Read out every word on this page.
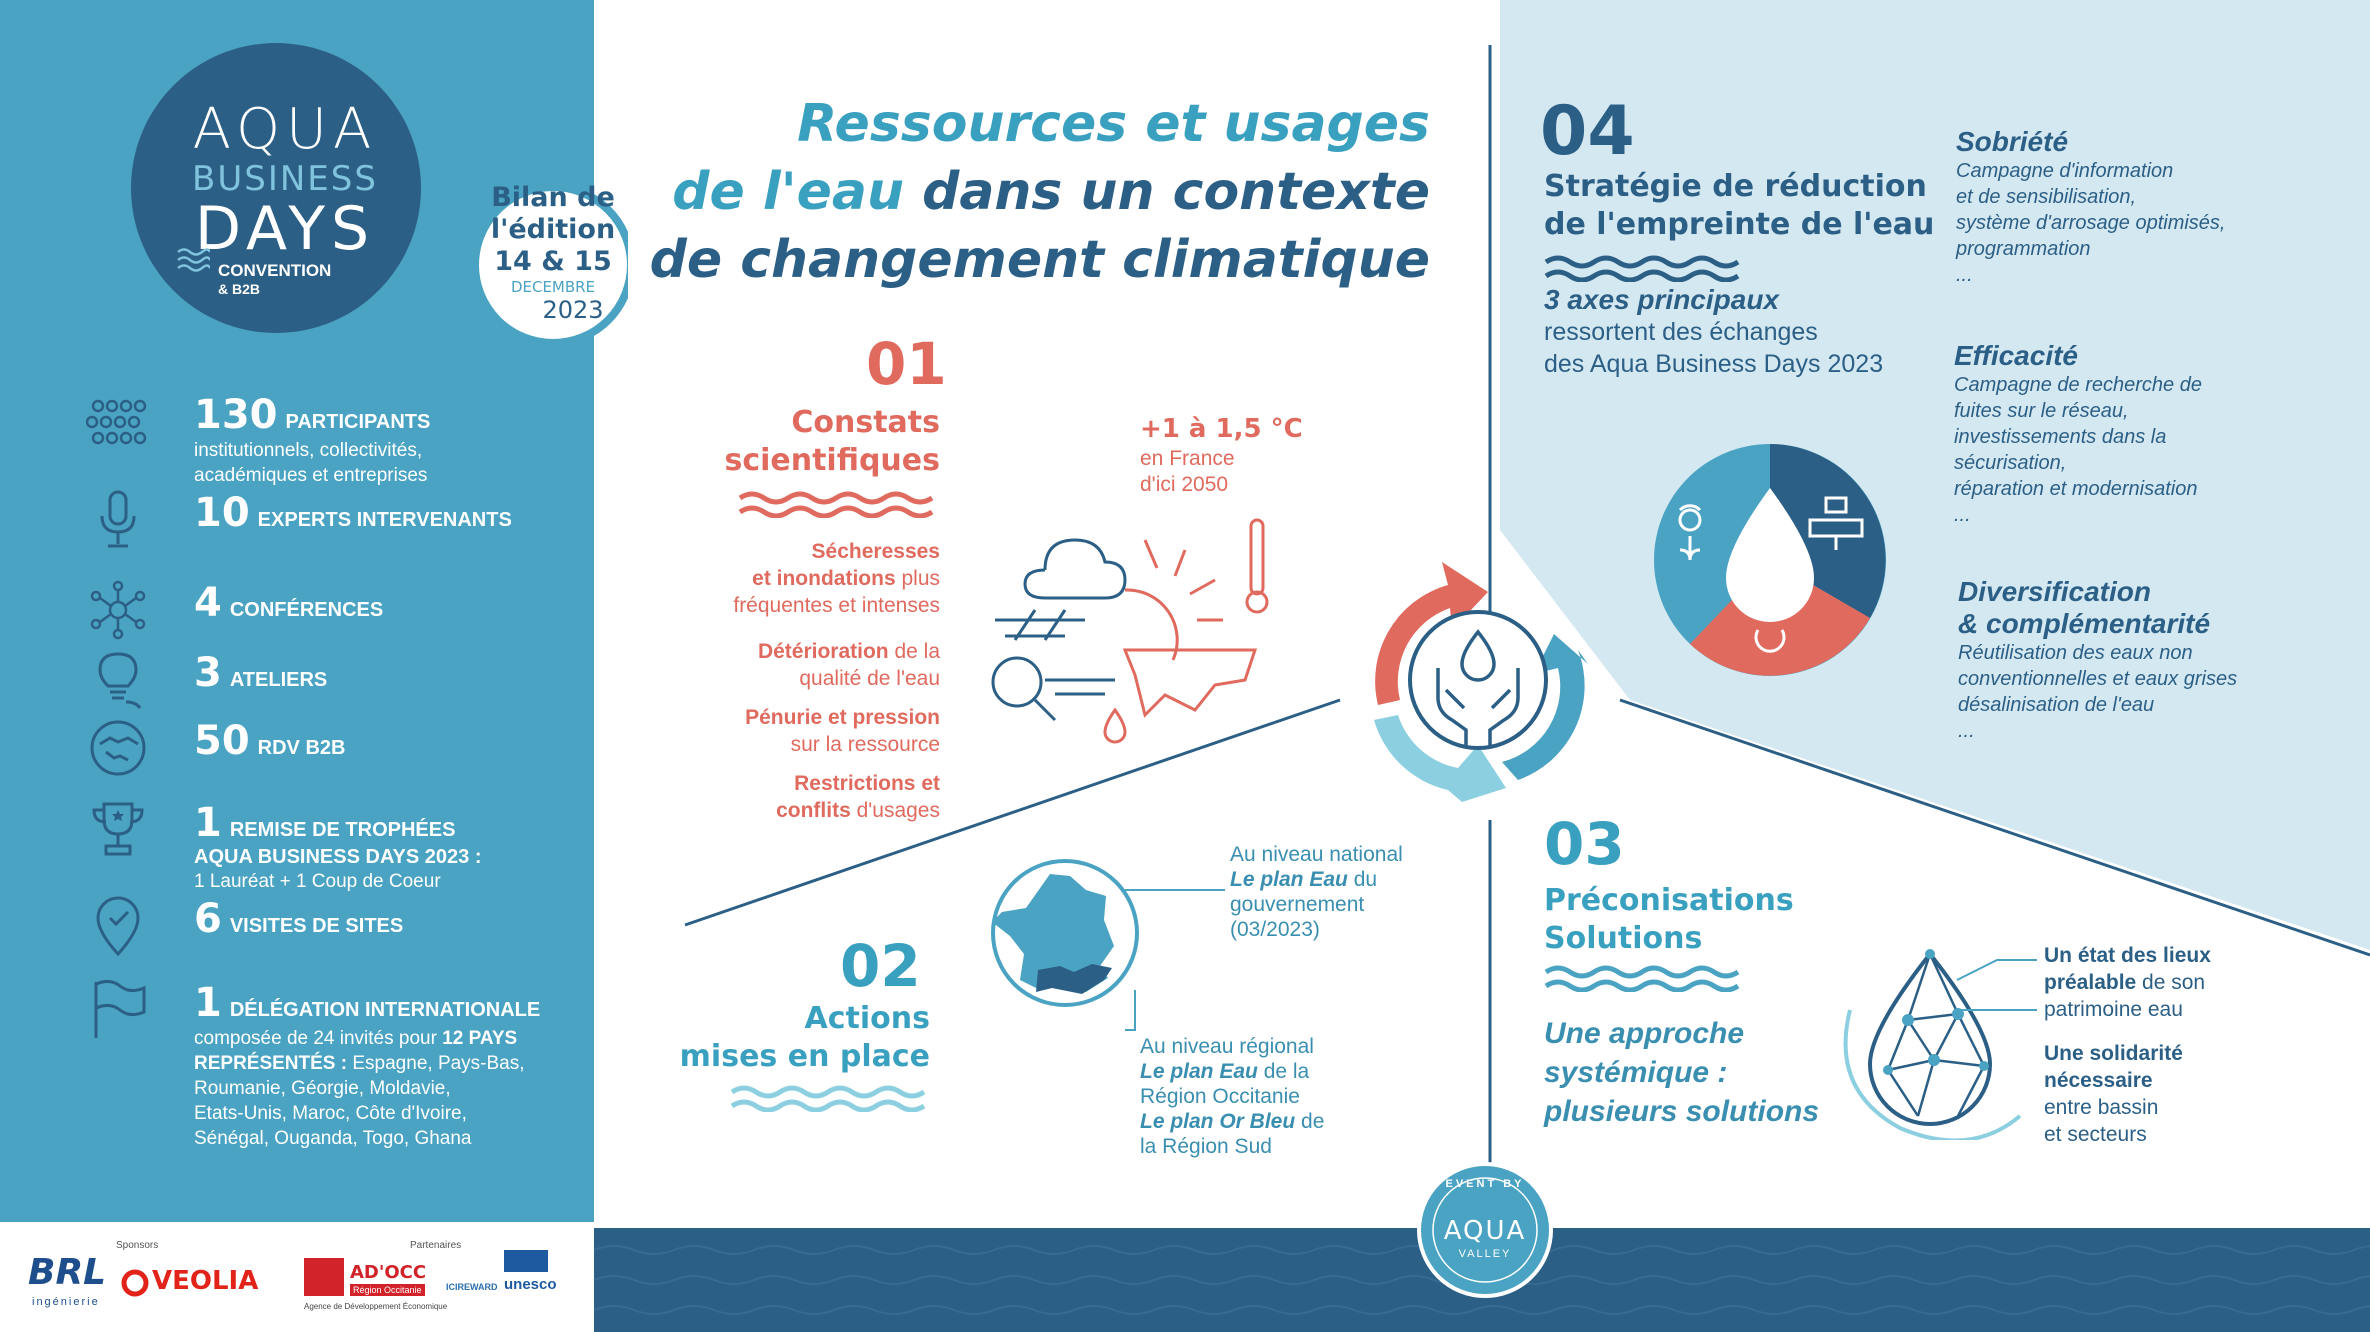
AQUA
BUSINESS
DAYS
CONVENTION
& B2B
Bilan de
l'édition
14 & 15
DECEMBRE
2023
130 PARTICIPANTS
institutionnels, collectivités,
académiques et entreprises
10 EXPERTS INTERVENANTS
4 CONFÉRENCES
3 ATELIERS
50 RDV B2B
1 REMISE DE TROPHÉES
AQUA BUSINESS DAYS 2023 :
1 Lauréat + 1 Coup de Coeur
6 VISITES DE SITES
1 DÉLÉGATION INTERNATIONALE
composée de 24 invités pour 12 PAYS
REPRÉSENTÉS : Espagne, Pays-Bas,
Roumanie, Géorgie, Moldavie,
Etats-Unis, Maroc, Côte d'Ivoire,
Sénégal, Ouganda, Togo, Ghana
Sponsors	Partenaires
BRL
ingénierie
VEOLIA	AD'OCC
Région Occitanie
Agence de Développement Économique
ICIREWARD unesco
Ressources et usages
de l'eau dans un contexte
de changement climatique
01
Constats
scientifiques
Sécheresses
et inondations plus
fréquentes et intenses
Détérioration de la
qualité de l'eau
Pénurie et pression
sur la ressource
Restrictions et
conflits d'usages
+1 à 1,5 °C
en France
d'ici 2050
02
Actions
mises en place
Au niveau national
Le plan Eau du
gouvernement
(03/2023)
Au niveau régional
Le plan Eau de la
Région Occitanie
Le plan Or Bleu de
la Région Sud
03
Préconisations
Solutions
Une approche
systémique :
plusieurs solutions
Un état des lieux
préalable de son
patrimoine eau
Une solidarité
nécessaire
entre bassin
et secteurs
04
Stratégie de réduction
de l'empreinte de l'eau
3 axes principaux
ressortent des échanges
des Aqua Business Days 2023
Sobriété
Campagne d'information
et de sensibilisation,
système d'arrosage optimisés,
programmation
...
Efficacité
Campagne de recherche de
fuites sur le réseau,
investissements dans la
sécurisation,
réparation et modernisation
...
Diversification
& complémentarité
Réutilisation des eaux non
conventionnelles et eaux grises
désalinisation de l'eau
...
EVENT BY
AQUA
VALLEY
